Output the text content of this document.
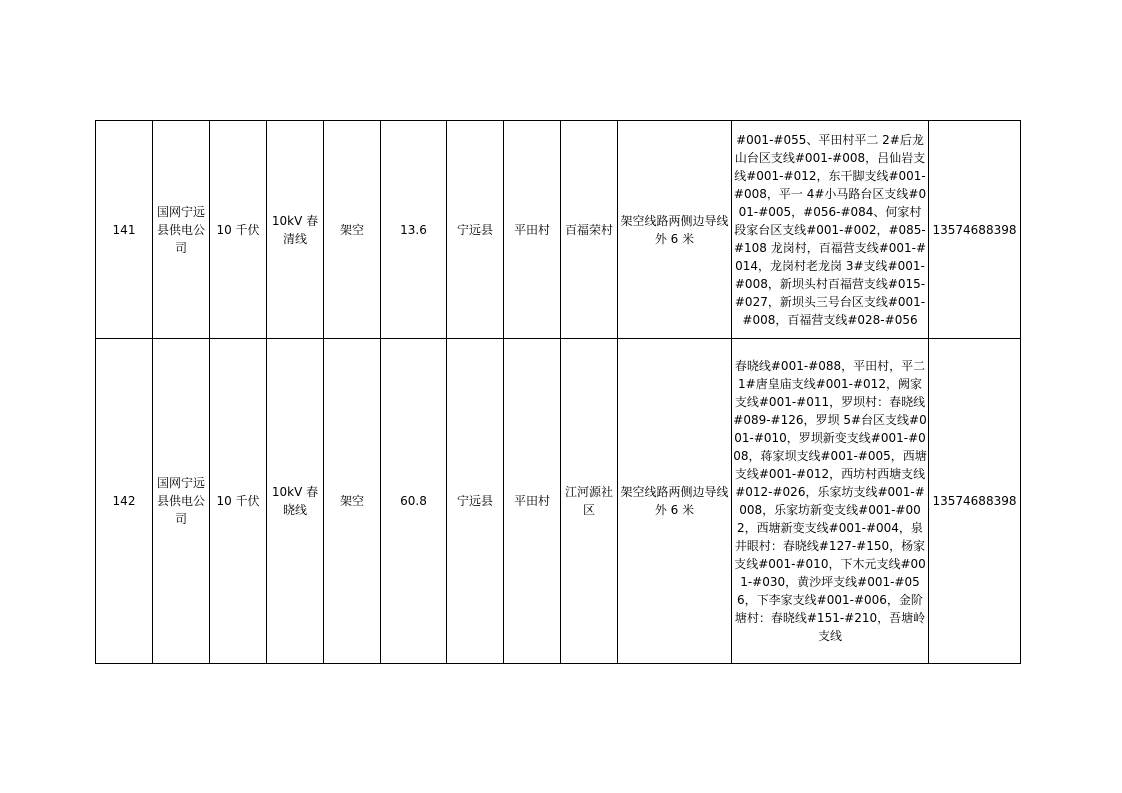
141	国网宁远县供电公司	10 千伏	10kV 春清线	架空	13.6	宁远县	平田村	百福荣村	架空线路两侧边导线外 6 米	#001-#055、平田村平二 2#后龙山台区支线#001-#008，吕仙岩支线#001-#012，东干脚支线#001-#008，平一 4#小马路台区支线#001-#005，#056-#084、何家村段家台区支线#001-#002，#085-#108 龙岗村，百福营支线#001-#014，龙岗村老龙岗 3#支线#001-#008，新坝头村百福营支线#015-#027，新坝头三号台区支线#001-#008，百福营支线#028-#056	13574688398
142	国网宁远县供电公司	10 千伏	10kV 春晓线	架空	60.8	宁远县	平田村	江河源社区	架空线路两侧边导线外 6 米	春晓线#001-#088，平田村，平二 1#唐皇庙支线#001-#012，阙家支线#001-#011，罗坝村：春晓线#089-#126，罗坝 5#台区支线#001-#010，罗坝新变支线#001-#008，蒋家坝支线#001-#005，西塘支线#001-#012，西坊村西塘支线#012-#026，乐家坊支线#001-#008，乐家坊新变支线#001-#002，西塘新变支线#001-#004，泉井眼村：春晓线#127-#150，杨家支线#001-#010，下木元支线#001-#030，黄沙坪支线#001-#056，下李家支线#001-#006，金阶塘村：春晓线#151-#210，吾塘岭支线	13574688398
